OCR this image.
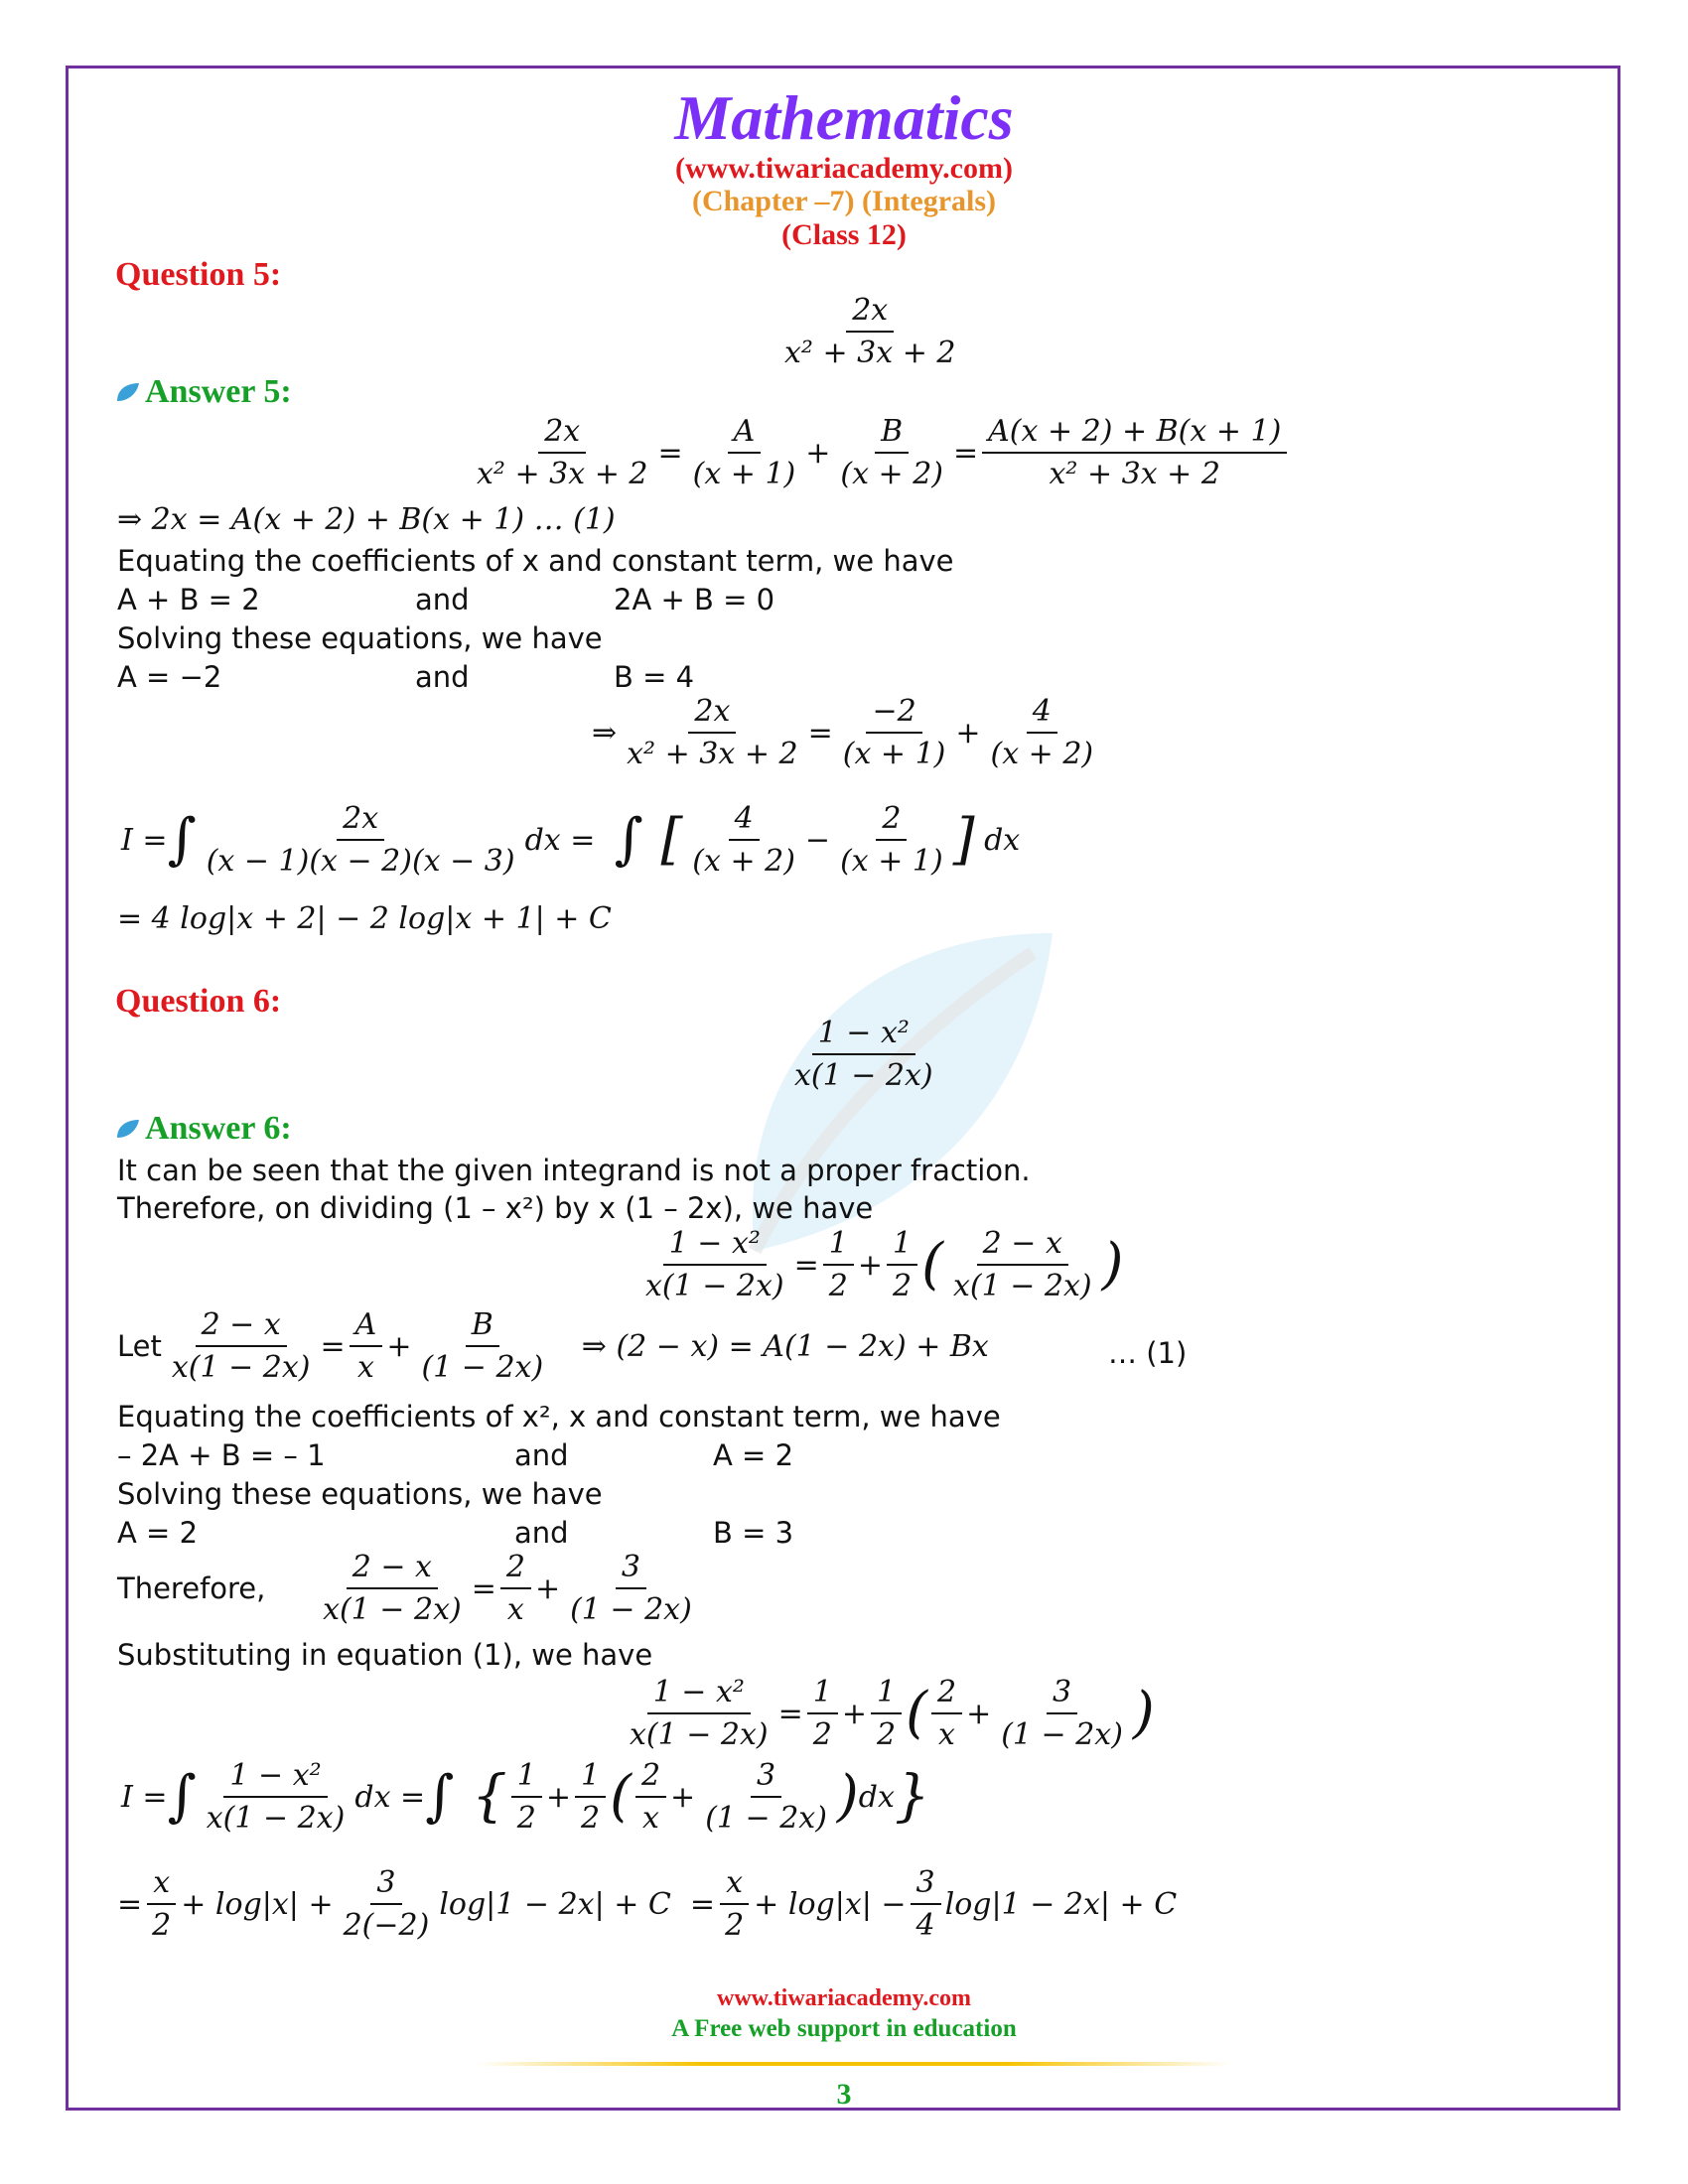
Mathematics
(www.tiwariacademy.com)
(Chapter –7) (Integrals)
(Class 12)
Question 5:
$\frac{2x}{\text{x² + 3x + 2}}$
Answer 5:
$\frac{2x}{\text{x² + 3x + 2}} = \frac{A}{(x + 1)} + \frac{B}{(x + 2)} = \frac{A(x + 2) + B(x + 1)}{\text{x² + 3x + 2}}$
⇒ 2x = A(x + 2) + B(x + 1) … (1)
Equating the coefficients of x and constant term, we have
A + B = 2	and	2A + B = 0
Solving these equations, we have
A = −2	and	B = 4
⇒ $\frac{2x}{\text{x² + 3x + 2}} = \frac{-2}{(x + 1)} + \frac{4}{(x + 2)}$
I = ∫ $\frac{2x}{(x - 1)(x - 2)(x - 3)}$ dx = ∫ [ $\frac{4}{(x + 2)} - \frac{2}{(x + 1)}$ ] dx
= 4 log|x + 2| − 2 log|x + 1| + C
Question 6:
$\frac{\text{1 − x²}}{x(1 - 2x)}$
Answer 6:
It can be seen that the given integrand is not a proper fraction.
Therefore, on dividing (1 – x²) by x (1 – 2x), we have
$\frac{\text{1 − x²}}{x(1 - 2x)} = \frac{1}{2} + \frac{1}{2}$ ( $\frac{2 - x}{x(1 - 2x)}$ )
Let $\frac{2 - x}{x(1 - 2x)} = \frac{A}{x} + \frac{B}{(1 - 2x)}$
⇒ (2 − x) = A(1 − 2x) + Bx	… (1)
Equating the coefficients of x², x and constant term, we have
– 2A + B = – 1	and	A = 2
Solving these equations, we have
A = 2	and	B = 3
Therefore,
$\frac{2 - x}{x(1 - 2x)} = \frac{2}{x} + \frac{3}{(1 - 2x)}$
Substituting in equation (1), we have
$\frac{\text{1 − x²}}{x(1 - 2x)} = \frac{1}{2} + \frac{1}{2}$ ( $\frac{2}{x} + \frac{3}{(1 - 2x)}$ )
I = ∫ $\frac{\text{1 − x²}}{x(1 - 2x)}$ dx = ∫ { $\frac{1}{2} + \frac{1}{2}$ ( $\frac{2}{x} + \frac{3}{(1 - 2x)}$ ) dx }
= $\frac{x}{2} + \log|x| + \frac{3}{2(-2)} \log|1 - 2x| + C = \frac{x}{2} + \log|x| - \frac{3}{4} \log|1 - 2x| + C$
www.tiwariacademy.com
A Free web support in education
3
